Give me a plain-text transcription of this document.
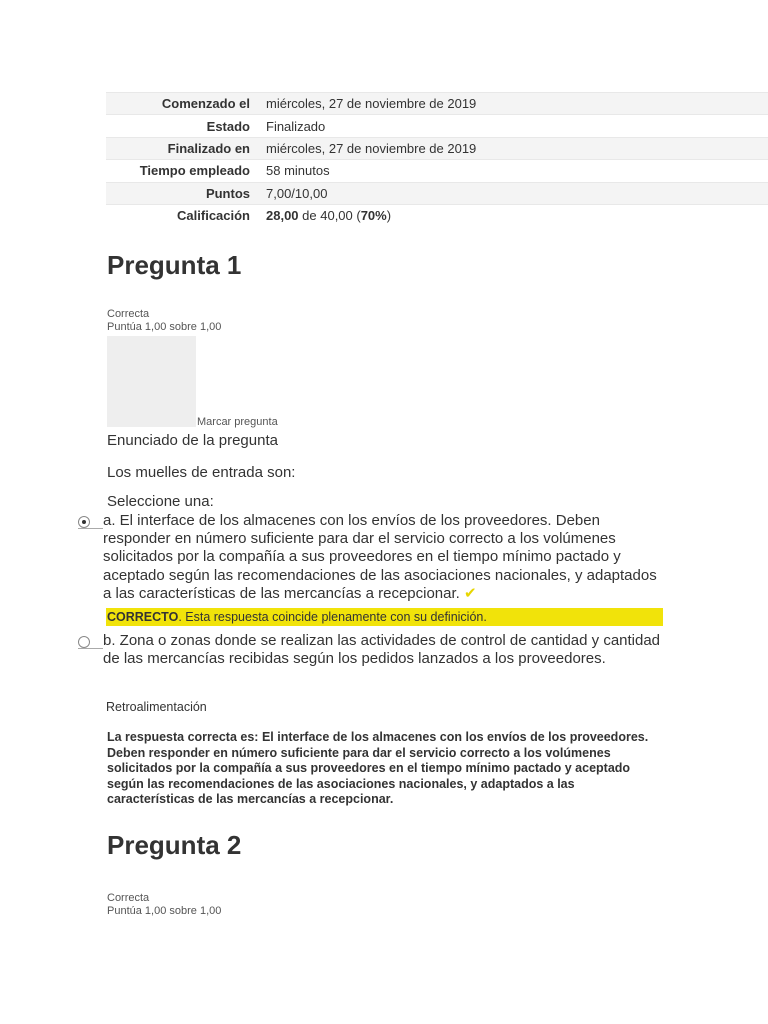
Comenzado el	miércoles, 27 de noviembre de 2019
Estado	Finalizado
Finalizado en	miércoles, 27 de noviembre de 2019
Tiempo empleado	58 minutos
Puntos	7,00/10,00
Calificación	28,00 de 40,00 (70%)
Pregunta 1
Correcta
Puntúa 1,00 sobre 1,00
Marcar pregunta
Enunciado de la pregunta
Los muelles de entrada son:
Seleccione una:
a. El interface de los almacenes con los envíos de los proveedores. Deben responder en número suficiente para dar el servicio correcto a los volúmenes solicitados por la compañía a sus proveedores en el tiempo mínimo pactado y aceptado según las recomendaciones de las asociaciones nacionales, y adaptados a las características de las mercancías a recepcionar. ✔
CORRECTO. Esta respuesta coincide plenamente con su definición.
b. Zona o zonas donde se realizan las actividades de control de cantidad y cantidad de las mercancías recibidas según los pedidos lanzados a los proveedores.
Retroalimentación
La respuesta correcta es: El interface de los almacenes con los envíos de los proveedores. Deben responder en número suficiente para dar el servicio correcto a los volúmenes solicitados por la compañía a sus proveedores en el tiempo mínimo pactado y aceptado según las recomendaciones de las asociaciones nacionales, y adaptados a las características de las mercancías a recepcionar.
Pregunta 2
Correcta
Puntúa 1,00 sobre 1,00
